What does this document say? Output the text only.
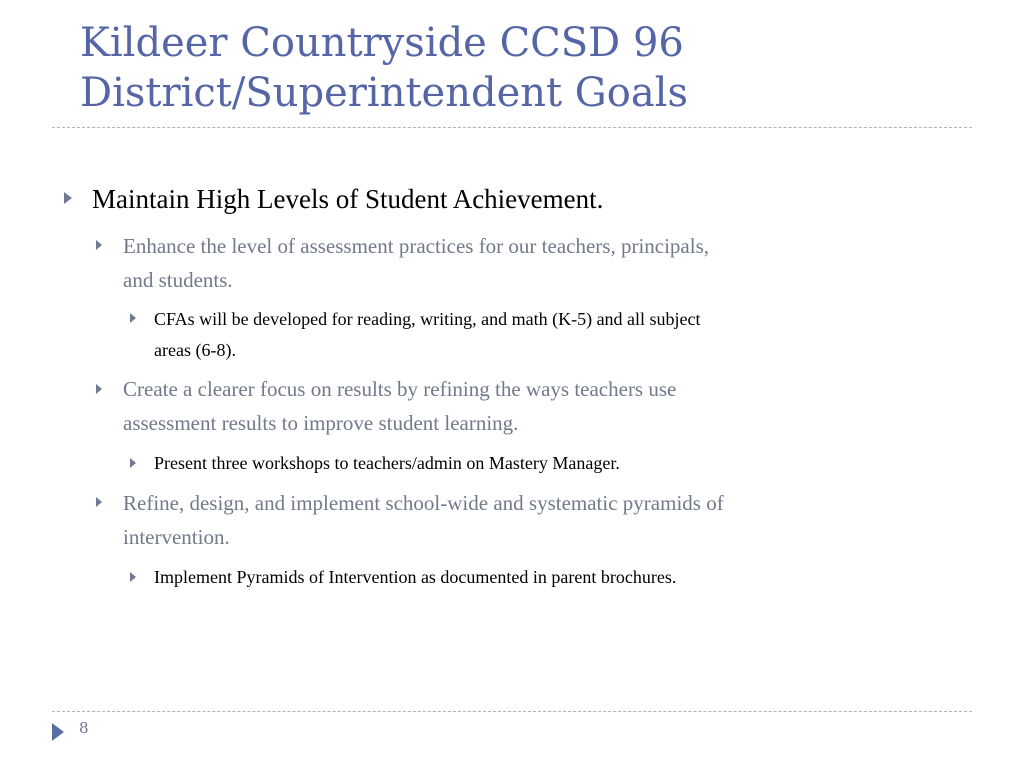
Kildeer Countryside CCSD 96
District/Superintendent Goals
Maintain High Levels of Student Achievement.
Enhance the level of assessment practices for our teachers, principals,
and students.
CFAs will be developed for reading, writing, and math (K-5) and all subject
areas (6-8).
Create a clearer focus on results by refining the ways teachers use
assessment results to improve student learning.
Present three workshops to teachers/admin on Mastery Manager.
Refine, design, and implement school-wide and systematic pyramids of
intervention.
Implement Pyramids of Intervention as documented in parent brochures.
8
